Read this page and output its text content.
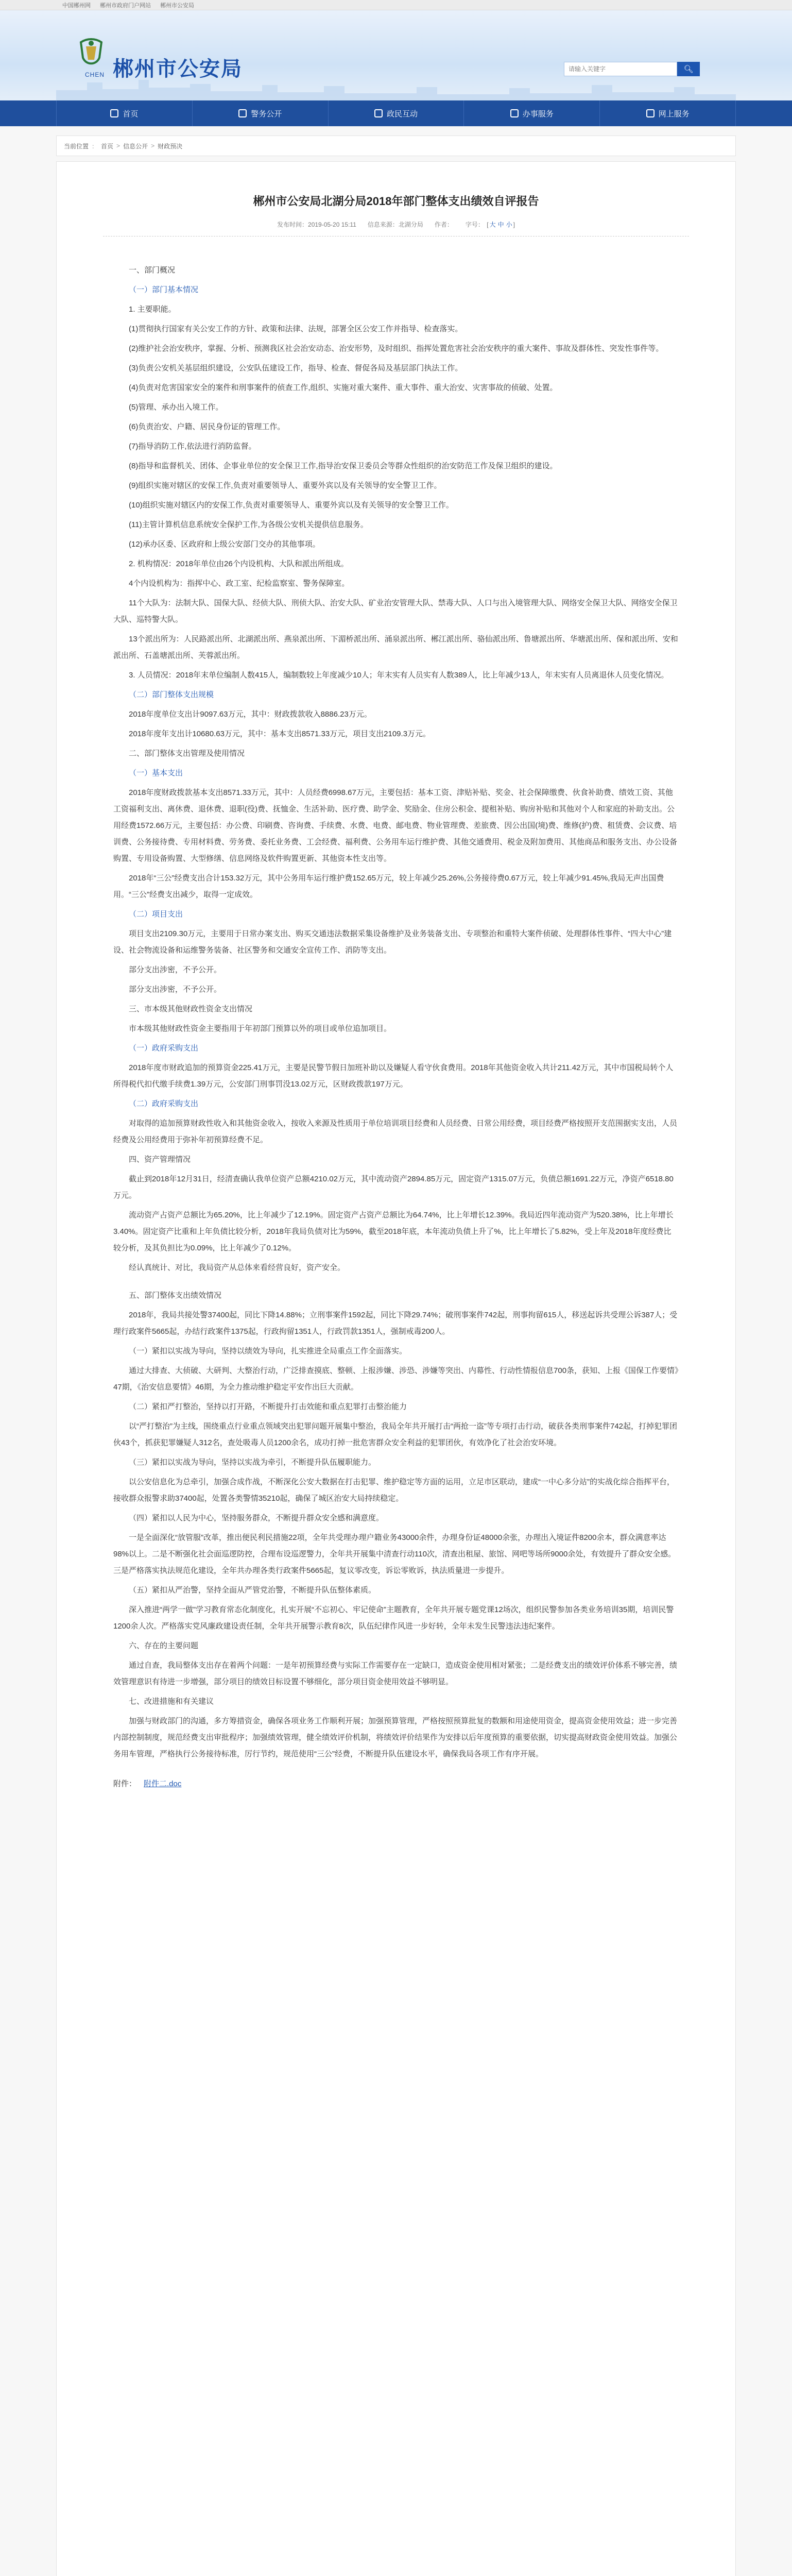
中国郴州网 郴州市政府门户网站 郴州市公安局
郴州市公安局
CHEN
请输入关键字
🔍︎
首页	警务公开	政民互动	办事服务	网上服务
当前位置 ： 首页 > 信息公开 > 财政预决
郴州市公安局北湖分局2018年部门整体支出绩效自评报告
发布时间：2019-05-20 15:11 信息来源：北湖分局 作者： 字号： [ 大 中 小 ]

一、部门概况

（一）部门基本情况

1. 主要职能。

(1)贯彻执行国家有关公安工作的方针、政策和法律、法规，部署全区公安工作并指导、检查落实。

(2)维护社会治安秩序，掌握、分析、预测我区社会治安动态、治安形势，及时组织、指挥处置危害社会治安秩序的重大案件、事故及群体性、突发性事件等。

(3)负责公安机关基层组织建设，公安队伍建设工作，指导、检查、督促各局及基层部门执法工作。

(4)负责对危害国家安全的案件和刑事案件的侦查工作,组织、实施对重大案件、重大事件、重大治安、灾害事故的侦破、处置。

(5)管理、承办出入境工作。

(6)负责治安、户籍、居民身份证的管理工作。

(7)指导消防工作,依法进行消防监督。

(8)指导和监督机关、团体、企事业单位的安全保卫工作,指导治安保卫委员会等群众性组织的治安防范工作及保卫组织的建设。

(9)组织实施对辖区的安保工作,负责对重要领导人、重要外宾以及有关领导的安全警卫工作。

(10)组织实施对辖区内的安保工作,负责对重要领导人、重要外宾以及有关领导的安全警卫工作。

(11)主管计算机信息系统安全保护工作,为各级公安机关提供信息服务。

(12)承办区委、区政府和上级公安部门交办的其他事项。

2. 机构情况：2018年单位由26个内设机构、大队和派出所组成。

4个内设机构为：指挥中心、政工室、纪检监察室、警务保障室。

11个大队为：法制大队、国保大队、经侦大队、刑侦大队、治安大队、矿业治安管理大队、禁毒大队、人口与出入境管理大队、网络安全保卫大队、网络安全保卫大队、巡特警大队。

13个派出所为：人民路派出所、北湖派出所、燕泉派出所、下湄桥派出所、涌泉派出所、郴江派出所、骆仙派出所、鲁塘派出所、华塘派出所、保和派出所、安和派出所、石盖塘派出所、芙蓉派出所。

3. 人员情况：2018年末单位编制人数415人，编制数较上年度减少10人；年末实有人员实有人数389人，比上年减少13人，年末实有人员离退休人员变化情况。

（二）部门整体支出规模

2018年度单位支出计9097.63万元，其中：财政拨款收入8886.23万元。

2018年度年支出计10680.63万元，其中：基本支出8571.33万元，项目支出2109.3万元。

二、部门整体支出管理及使用情况

（一）基本支出

2018年度财政拨款基本支出8571.33万元，其中：人员经费6998.67万元，主要包括：基本工资、津贴补贴、奖金、社会保障缴费、伙食补助费、绩效工资、其他工资福利支出、离休费、退休费、退职(役)费、抚恤金、生活补助、医疗费、助学金、奖励金、住房公积金、提租补贴、购房补贴和其他对个人和家庭的补助支出。公用经费1572.66万元，主要包括：办公费、印刷费、咨询费、手续费、水费、电费、邮电费、物业管理费、差旅费、因公出国(境)费、维修(护)费、租赁费、会议费、培训费、公务接待费、专用材料费、劳务费、委托业务费、工会经费、福利费、公务用车运行维护费、其他交通费用、税金及附加费用、其他商品和服务支出、办公设备购置、专用设备购置、大型修缮、信息网络及软件购置更新、其他资本性支出等。

2018年“三公”经费支出合计153.32万元，其中公务用车运行维护费152.65万元，较上年减少25.26%,公务接待费0.67万元，较上年减少91.45%,我局无声出国费用。“三公”经费支出减少，取得一定成效。

（二）项目支出

项目支出2109.30万元，主要用于日常办案支出、购买交通违法数据采集设备维护及业务装备支出、专项整治和重特大案件侦破、处理群体性事件、“四大中心”建设、社会物流设备和运维警务装备、社区警务和交通安全宣传工作、消防等支出。

部分支出涉密，不予公开。

部分支出涉密，不予公开。

三、市本级其他财政性资金支出情况

市本级其他财政性资金主要指用于年初部门预算以外的项目或单位追加项目。

（一）政府采购支出

2018年度市财政追加的预算资金225.41万元，主要是民警节假日加班补助以及嫌疑人看守伙食费用。2018年其他资金收入共计211.42万元，其中市国税局转个人所得税代扣代缴手续费1.39万元，公安部门刑事罚没13.02万元，区财政拨款197万元。

（二）政府采购支出

对取得的追加预算财政性收入和其他资金收入，按收入来源及性质用于单位培训项目经费和人员经费、日常公用经费，项目经费严格按照开支范围据实支出，人员经费及公用经费用于弥补年初预算经费不足。

四、资产管理情况

截止到2018年12月31日，经清查确认我单位资产总额4210.02万元，其中流动资产2894.85万元，固定资产1315.07万元，负债总额1691.22万元，净资产6518.80万元。

流动资产占资产总额比为65.20%，比上年减少了12.19%。固定资产占资产总额比为64.74%，比上年增长12.39%。我局近四年流动资产为520.38%，比上年增长3.40%。固定资产比重和上年负债比较分析，2018年我局负债对比为59%，截至2018年底，本年流动负债上升了%，比上年增长了5.82%，受上年及2018年度经费比较分析，及其负担比为0.09%，比上年减少了0.12%。

经认真统计、对比，我局资产从总体来看经营良好，资产安全。

五、部门整体支出绩效情况

2018年，我局共接处警37400起，同比下降14.88%；立刑事案件1592起，同比下降29.74%；破刑事案件742起，刑事拘留615人，移送起诉共受理公诉387人；受理行政案件5665起，办结行政案件1375起，行政拘留1351人，行政罚款1351人，强制戒毒200人。

（一）紧扣以实战为导向，坚持以绩效为导向，扎实推进全局重点工作全面落实。

通过大排查、大侦破、大研判、大整治行动，广泛排查摸底、整顿、上报涉嫌、涉恐、涉嫌等突出、内幕性、行动性情报信息700条，获知、上报《国保工作要情》47期，《治安信息要情》46期，为全力推动维护稳定平安作出巨大贡献。

（二）紧扣严打整治，坚持以打开路，不断提升打击效能和重点犯罪打击整治能力

以“严打整治”为主线，围绕重点行业重点领域突出犯罪问题开展集中整治，我局全年共开展打击“两抢一盗”等专项打击行动，破获各类刑事案件742起，打掉犯罪团伙43个，抓获犯罪嫌疑人312名，查处吸毒人员1200余名，成功打掉一批危害群众安全利益的犯罪团伙，有效净化了社会治安环境。

（三）紧扣以实战为导向，坚持以实战为牵引，不断提升队伍履职能力。

以公安信息化为总牵引，加强合成作战，不断深化公安大数据在打击犯罪、维护稳定等方面的运用，立足市区联动，建成“一中心多分站”的实战化综合指挥平台，接收群众报警求助37400起，处置各类警情35210起，确保了城区治安大局持续稳定。

（四）紧扣以人民为中心，坚持服务群众，不断提升群众安全感和满意度。

一是全面深化“放管服”改革，推出便民利民措施22项，全年共受理办理户籍业务43000余件，办理身份证48000余张，办理出入境证件8200余本，群众满意率达98%以上。二是不断强化社会面巡逻防控，合理布设巡逻警力，全年共开展集中清查行动110次，清查出租屋、旅馆、网吧等场所9000余处，有效提升了群众安全感。三是严格落实执法规范化建设，全年共办理各类行政案件5665起，复议零改变，诉讼零败诉，执法质量进一步提升。

（五）紧扣从严治警，坚持全面从严管党治警，不断提升队伍整体素质。

深入推进“两学一做”学习教育常态化制度化，扎实开展“不忘初心、牢记使命”主题教育，全年共开展专题党课12场次，组织民警参加各类业务培训35期，培训民警1200余人次。严格落实党风廉政建设责任制，全年共开展警示教育8次，队伍纪律作风进一步好转，全年未发生民警违法违纪案件。

六、存在的主要问题

通过自查，我局整体支出存在着两个问题：一是年初预算经费与实际工作需要存在一定缺口，造成资金使用相对紧张；二是经费支出的绩效评价体系不够完善，绩效管理意识有待进一步增强，部分项目的绩效目标设置不够细化，部分项目资金使用效益不够明显。

七、改进措施和有关建议

加强与财政部门的沟通，多方筹措资金，确保各项业务工作顺利开展；加强预算管理，严格按照预算批复的数额和用途使用资金，提高资金使用效益；进一步完善内部控制制度，规范经费支出审批程序；加强绩效管理，健全绩效评价机制，将绩效评价结果作为安排以后年度预算的重要依据，切实提高财政资金使用效益。加强公务用车管理，严格执行公务接待标准，厉行节约，规范使用“三公”经费，不断提升队伍建设水平，确保我局各项工作有序开展。

附件： 附件二.doc
